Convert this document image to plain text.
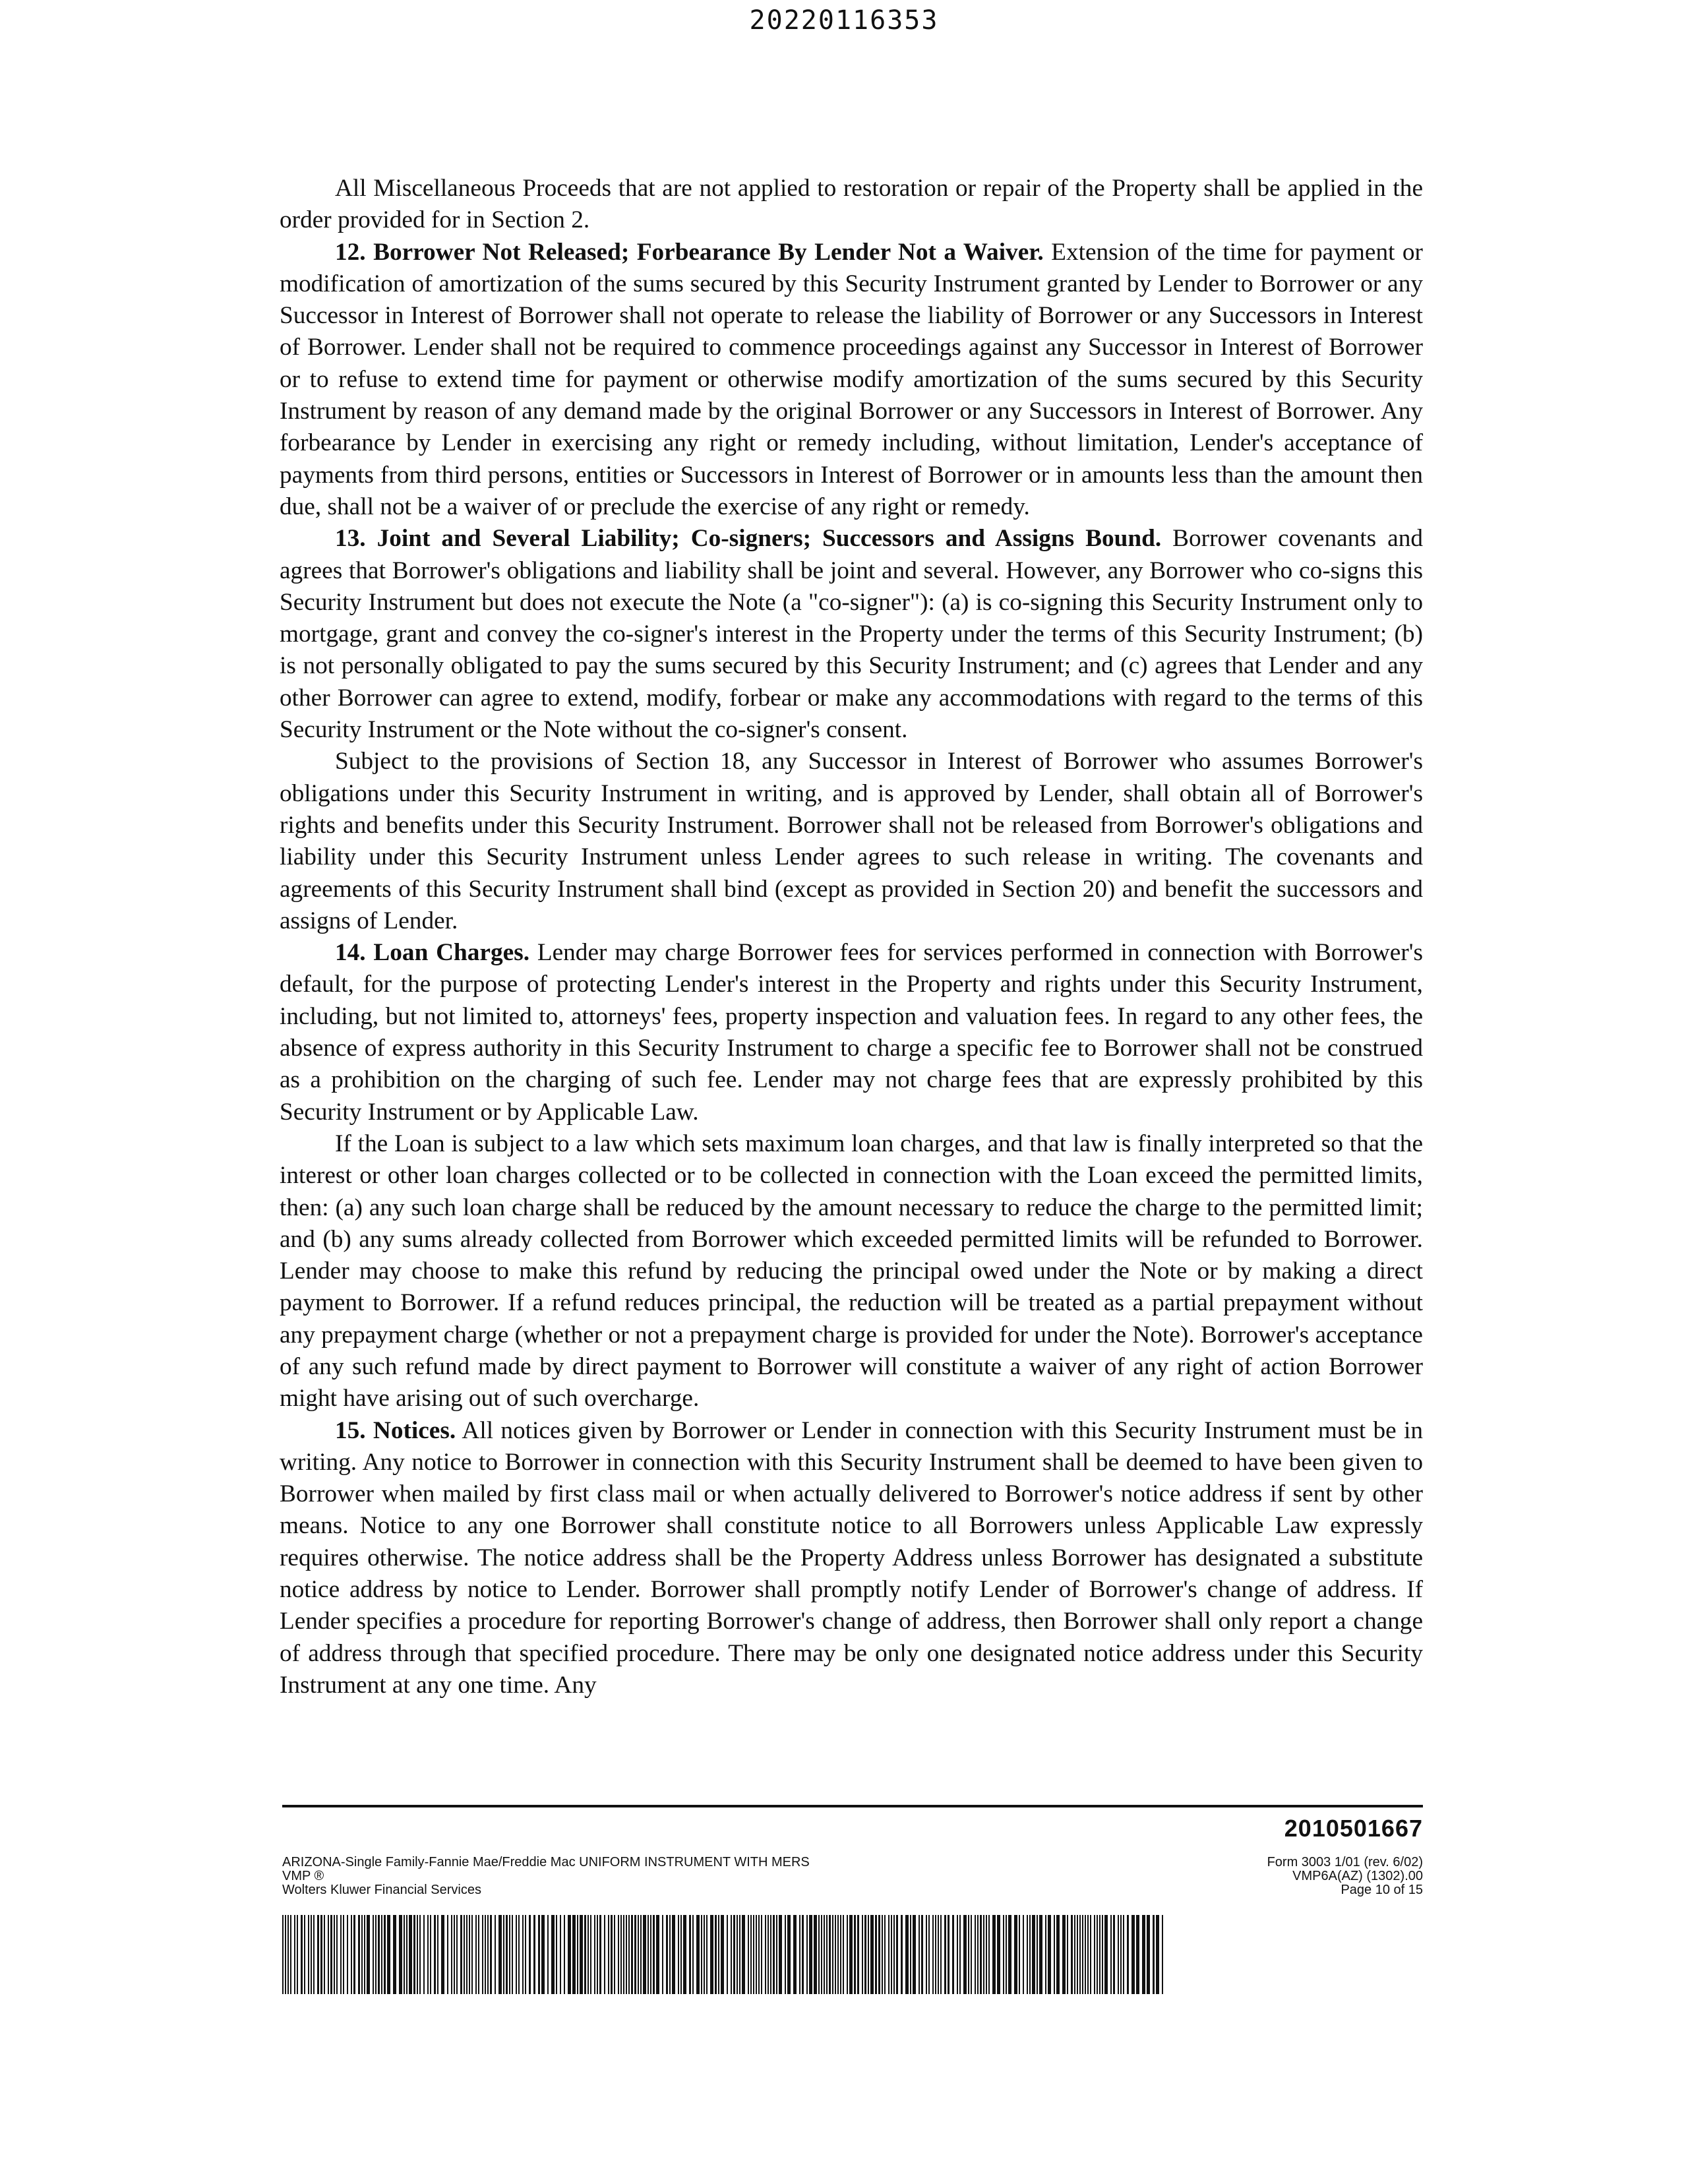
20220116353

All Miscellaneous Proceeds that are not applied to restoration or repair of the Property shall be applied in the order provided for in Section 2.

12. Borrower Not Released; Forbearance By Lender Not a Waiver. Extension of the time for payment or modification of amortization of the sums secured by this Security Instrument granted by Lender to Borrower or any Successor in Interest of Borrower shall not operate to release the liability of Borrower or any Successors in Interest of Borrower. Lender shall not be required to commence proceedings against any Successor in Interest of Borrower or to refuse to extend time for payment or otherwise modify amortization of the sums secured by this Security Instrument by reason of any demand made by the original Borrower or any Successors in Interest of Borrower. Any forbearance by Lender in exercising any right or remedy including, without limitation, Lender's acceptance of payments from third persons, entities or Successors in Interest of Borrower or in amounts less than the amount then due, shall not be a waiver of or preclude the exercise of any right or remedy.

13. Joint and Several Liability; Co-signers; Successors and Assigns Bound. Borrower covenants and agrees that Borrower's obligations and liability shall be joint and several. However, any Borrower who co-signs this Security Instrument but does not execute the Note (a "co-signer"): (a) is co-signing this Security Instrument only to mortgage, grant and convey the co-signer's interest in the Property under the terms of this Security Instrument; (b) is not personally obligated to pay the sums secured by this Security Instrument; and (c) agrees that Lender and any other Borrower can agree to extend, modify, forbear or make any accommodations with regard to the terms of this Security Instrument or the Note without the co-signer's consent.

Subject to the provisions of Section 18, any Successor in Interest of Borrower who assumes Borrower's obligations under this Security Instrument in writing, and is approved by Lender, shall obtain all of Borrower's rights and benefits under this Security Instrument. Borrower shall not be released from Borrower's obligations and liability under this Security Instrument unless Lender agrees to such release in writing. The covenants and agreements of this Security Instrument shall bind (except as provided in Section 20) and benefit the successors and assigns of Lender.

14. Loan Charges. Lender may charge Borrower fees for services performed in connection with Borrower's default, for the purpose of protecting Lender's interest in the Property and rights under this Security Instrument, including, but not limited to, attorneys' fees, property inspection and valuation fees. In regard to any other fees, the absence of express authority in this Security Instrument to charge a specific fee to Borrower shall not be construed as a prohibition on the charging of such fee. Lender may not charge fees that are expressly prohibited by this Security Instrument or by Applicable Law.

If the Loan is subject to a law which sets maximum loan charges, and that law is finally interpreted so that the interest or other loan charges collected or to be collected in connection with the Loan exceed the permitted limits, then: (a) any such loan charge shall be reduced by the amount necessary to reduce the charge to the permitted limit; and (b) any sums already collected from Borrower which exceeded permitted limits will be refunded to Borrower. Lender may choose to make this refund by reducing the principal owed under the Note or by making a direct payment to Borrower. If a refund reduces principal, the reduction will be treated as a partial prepayment without any prepayment charge (whether or not a prepayment charge is provided for under the Note). Borrower's acceptance of any such refund made by direct payment to Borrower will constitute a waiver of any right of action Borrower might have arising out of such overcharge.

15. Notices. All notices given by Borrower or Lender in connection with this Security Instrument must be in writing. Any notice to Borrower in connection with this Security Instrument shall be deemed to have been given to Borrower when mailed by first class mail or when actually delivered to Borrower's notice address if sent by other means. Notice to any one Borrower shall constitute notice to all Borrowers unless Applicable Law expressly requires otherwise. The notice address shall be the Property Address unless Borrower has designated a substitute notice address by notice to Lender. Borrower shall promptly notify Lender of Borrower's change of address. If Lender specifies a procedure for reporting Borrower's change of address, then Borrower shall only report a change of address through that specified procedure. There may be only one designated notice address under this Security Instrument at any one time. Any

2010501667
ARIZONA-Single Family-Fannie Mae/Freddie Mac UNIFORM INSTRUMENT WITH MERS
VMP ®
Wolters Kluwer Financial Services
Form 3003 1/01 (rev. 6/02)
VMP6A(AZ) (1302).00
Page 10 of 15
